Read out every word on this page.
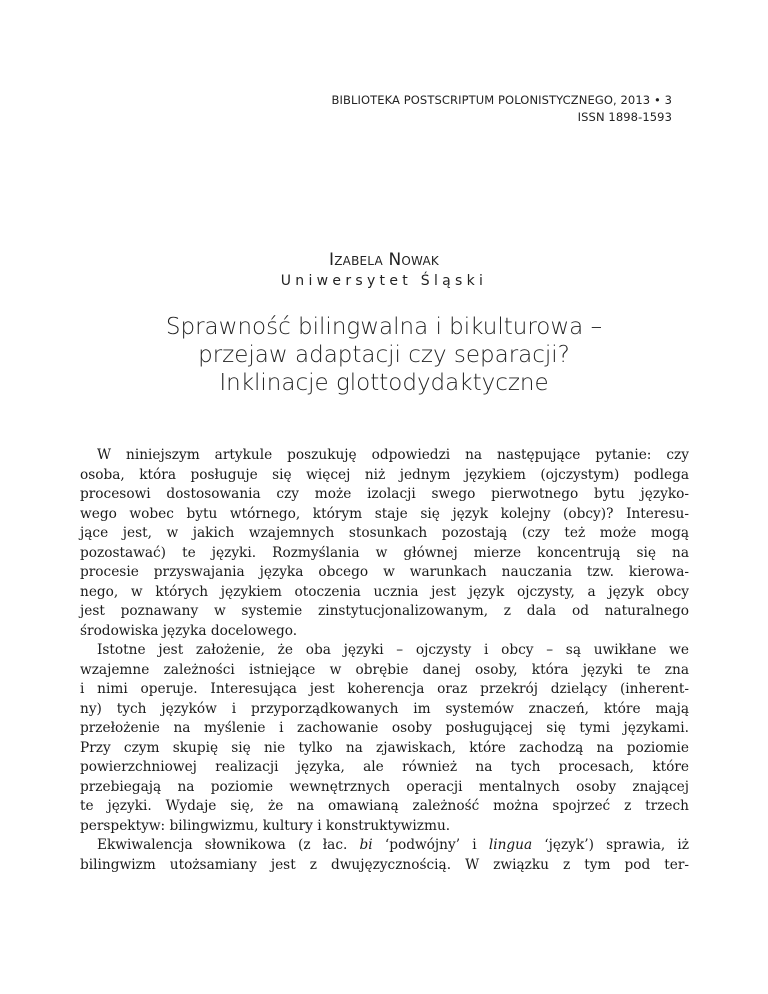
BIBLIOTEKA POSTSCRIPTUM POLONISTYCZNEGO, 2013 • 3
ISSN 1898-1593
Izabela Nowak
Uniwersytet Śląski
Sprawność bilingwalna i bikulturowa –
przejaw adaptacji czy separacji?
Inklinacje glottodydaktyczne
W niniejszym artykule poszukuję odpowiedzi na następujące pytanie: czy
osoba, która posługuje się więcej niż jednym językiem (ojczystym) podlega
procesowi dostosowania czy może izolacji swego pierwotnego bytu języko-
wego wobec bytu wtórnego, którym staje się język kolejny (obcy)? Interesu-
jące jest, w jakich wzajemnych stosunkach pozostają (czy też może mogą
pozostawać) te języki. Rozmyślania w głównej mierze koncentrują się na
procesie przyswajania języka obcego w warunkach nauczania tzw. kierowa-
nego, w których językiem otoczenia ucznia jest język ojczysty, a język obcy
jest poznawany w systemie zinstytucjonalizowanym, z dala od naturalnego
środowiska języka docelowego.
Istotne jest założenie, że oba języki – ojczysty i obcy – są uwikłane we
wzajemne zależności istniejące w obrębie danej osoby, która języki te zna
i nimi operuje. Interesująca jest koherencja oraz przekrój dzielący (inherent-
ny) tych języków i przyporządkowanych im systemów znaczeń, które mają
przełożenie na myślenie i zachowanie osoby posługującej się tymi językami.
Przy czym skupię się nie tylko na zjawiskach, które zachodzą na poziomie
powierzchniowej realizacji języka, ale również na tych procesach, które
przebiegają na poziomie wewnętrznych operacji mentalnych osoby znającej
te języki. Wydaje się, że na omawianą zależność można spojrzeć z trzech
perspektyw: bilingwizmu, kultury i konstruktywizmu.
Ekwiwalencja słownikowa (z łac. bi ‘podwójny’ i lingua ‘język’) sprawia, iż
bilingwizm utożsamiany jest z dwujęzycznością. W związku z tym pod ter-
